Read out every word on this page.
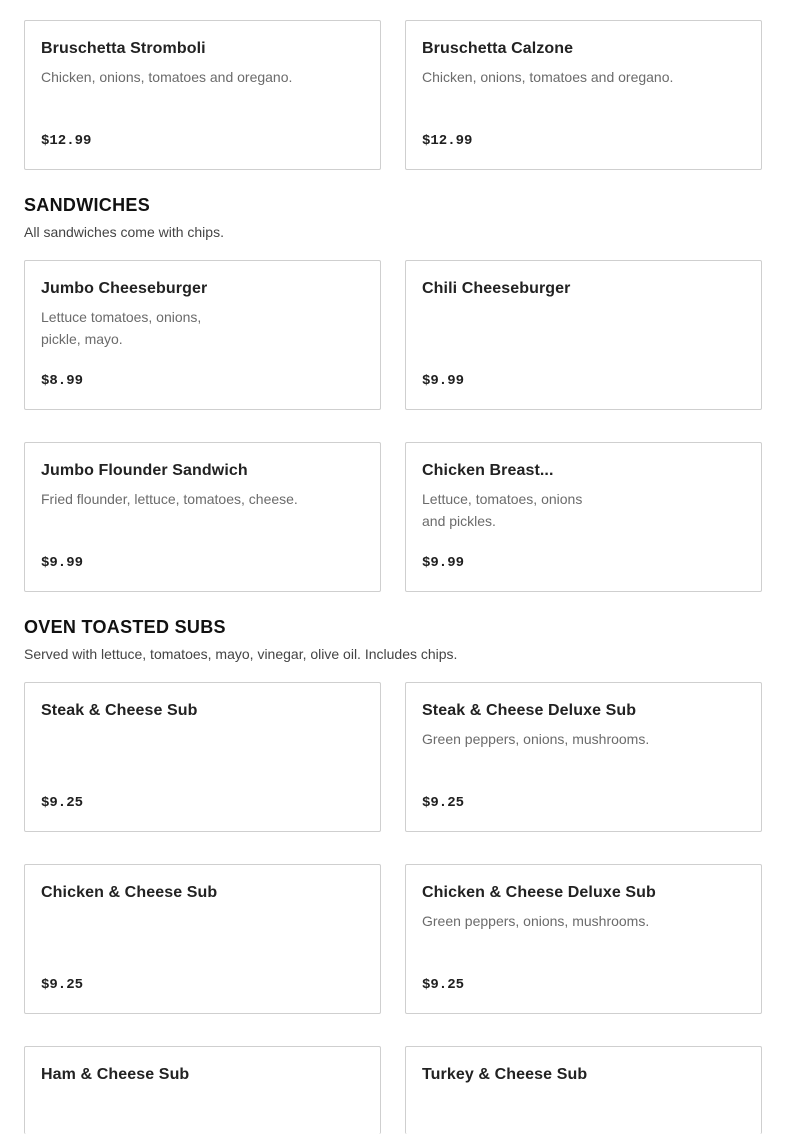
Bruschetta Stromboli
Chicken, onions, tomatoes and oregano.
$12.99
Bruschetta Calzone
Chicken, onions, tomatoes and oregano.
$12.99
SANDWICHES
All sandwiches come with chips.
Jumbo Cheeseburger
Lettuce tomatoes, onions,
pickle, mayo.
$8.99
Chili Cheeseburger
$9.99
Jumbo Flounder Sandwich
Fried flounder, lettuce, tomatoes, cheese.
$9.99
Chicken Breast...
Lettuce, tomatoes, onions
and pickles.
$9.99
OVEN TOASTED SUBS
Served with lettuce, tomatoes, mayo, vinegar, olive oil. Includes chips.
Steak & Cheese Sub
$9.25
Steak & Cheese Deluxe Sub
Green peppers, onions, mushrooms.
$9.25
Chicken & Cheese Sub
$9.25
Chicken & Cheese Deluxe Sub
Green peppers, onions, mushrooms.
$9.25
Ham & Cheese Sub	Turkey & Cheese Sub
